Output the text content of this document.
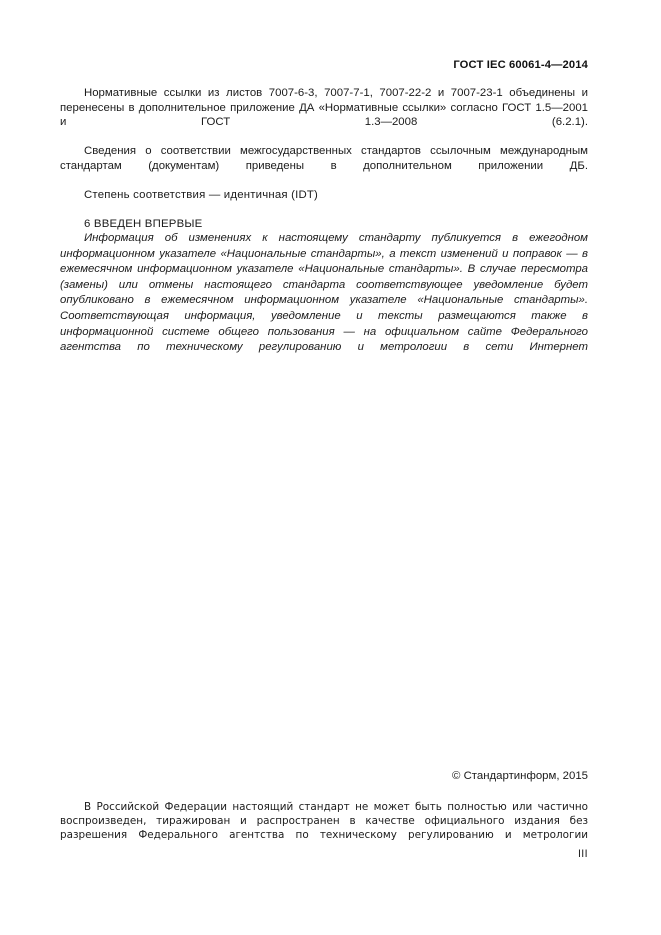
ГОСТ IEC 60061-4—2014

Нормативные ссылки из листов 7007-6-3, 7007-7-1, 7007-22-2 и 7007-23-1 объединены и перенесены в дополнительное приложение ДА «Нормативные ссылки» согласно ГОСТ 1.5—2001 и ГОСТ 1.3—2008 (6.2.1).

Сведения о соответствии межгосударственных стандартов ссылочным международным стандартам (документам) приведены в дополнительном приложении ДБ.

Степень соответствия — идентичная (IDT)

6 ВВЕДЕН ВПЕРВЫЕ

Информация об изменениях к настоящему стандарту публикуется в ежегодном информационном указателе «Национальные стандарты», а текст изменений и поправок — в ежемесячном информационном указателе «Национальные стандарты». В случае пересмотра (замены) или отмены настоящего стандарта соответствующее уведомление будет опубликовано в ежемесячном информационном указателе «Национальные стандарты». Соответствующая информация, уведомление и тексты размещаются также в информационной системе общего пользования — на официальном сайте Федерального агентства по техническому регулированию и метрологии в сети Интернет

© Стандартинформ, 2015

В Российской Федерации настоящий стандарт не может быть полностью или частично воспроизведен, тиражирован и распространен в качестве официального издания без разрешения Федерального агентства по техническому регулированию и метрологии

III
